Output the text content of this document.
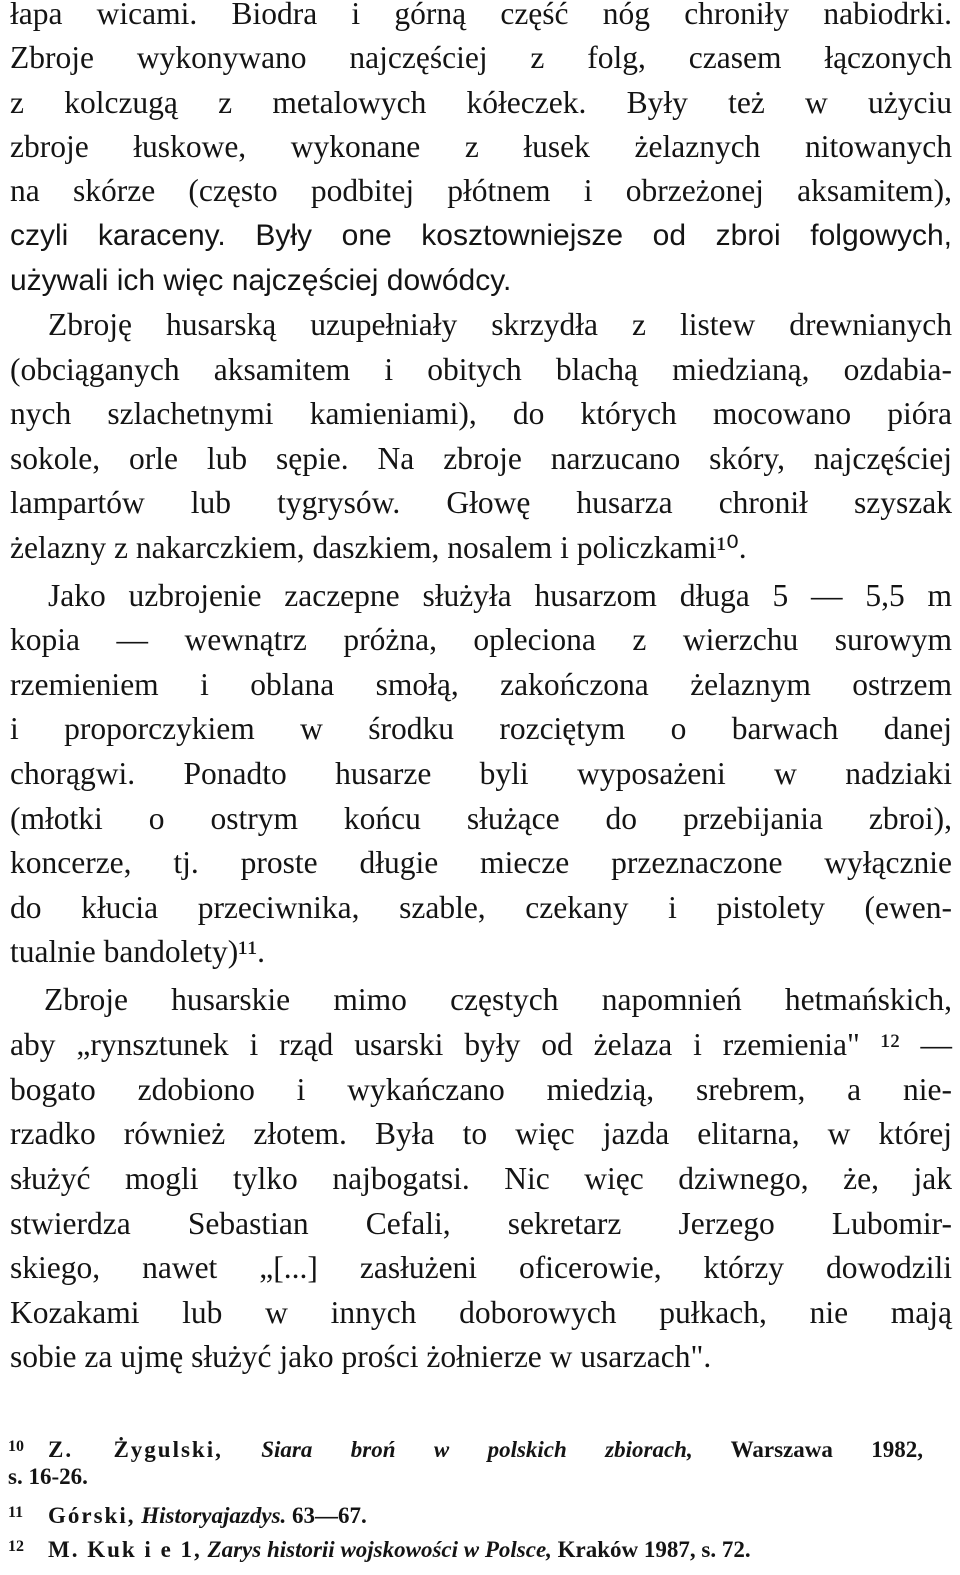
łapa wicami. Biodra i górną część nóg chroniły nabiodrki.
Zbroje wykonywano najczęściej z folg, czasem łączonych
z kolczugą z metalowych kółeczek. Były też w użyciu
zbroje łuskowe, wykonane z łusek żelaznych nitowanych
na skórze (często podbitej płótnem i obrzeżonej aksamitem),
czyli karaceny. Były one kosztowniejsze od zbroi folgowych,
używali ich więc najczęściej dowódcy.
Zbroję husarską uzupełniały skrzydła z listew drewnianych
(obciąganych aksamitem i obitych blachą miedzianą, ozdabia-
nych szlachetnymi kamieniami), do których mocowano pióra
sokole, orle lub sępie. Na zbroje narzucano skóry, najczęściej
lampartów lub tygrysów. Głowę husarza chronił szyszak
żelazny z nakarczkiem, daszkiem, nosalem i policzkami¹⁰.
Jako uzbrojenie zaczepne służyła husarzom długa 5 — 5,5 m
kopia — wewnątrz próżna, opleciona z wierzchu surowym
rzemieniem i oblana smołą, zakończona żelaznym ostrzem
i proporczykiem w środku rozciętym o barwach danej
chorągwi. Ponadto husarze byli wyposażeni w nadziaki
(młotki o ostrym końcu służące do przebijania zbroi),
koncerze, tj. proste długie miecze przeznaczone wyłącznie
do kłucia przeciwnika, szable, czekany i pistolety (ewen-
tualnie bandolety)¹¹.
Zbroje husarskie mimo częstych napomnień hetmańskich,
aby „rynsztunek i rząd usarski były od żelaza i rzemienia" ¹² —
bogato zdobiono i wykańczano miedzią, srebrem, a nie-
rzadko również złotem. Była to więc jazda elitarna, w której
służyć mogli tylko najbogatsi. Nic więc dziwnego, że, jak
stwierdza Sebastian Cefali, sekretarz Jerzego Lubomir-
skiego, nawet „[...] zasłużeni oficerowie, którzy dowodzili
Kozakami lub w innych doborowych pułkach, nie mają
sobie za ujmę służyć jako prości żołnierze w usarzach".
10 Z. Żygulski, Siara broń w polskich zbiorach, Warszawa 1982,
s. 16-26.
11 Górski, Historyajazdys. 63—67.
12 M. Kuk i e 1, Zarys historii wojskowości w Polsce, Kraków 1987, s. 72.
